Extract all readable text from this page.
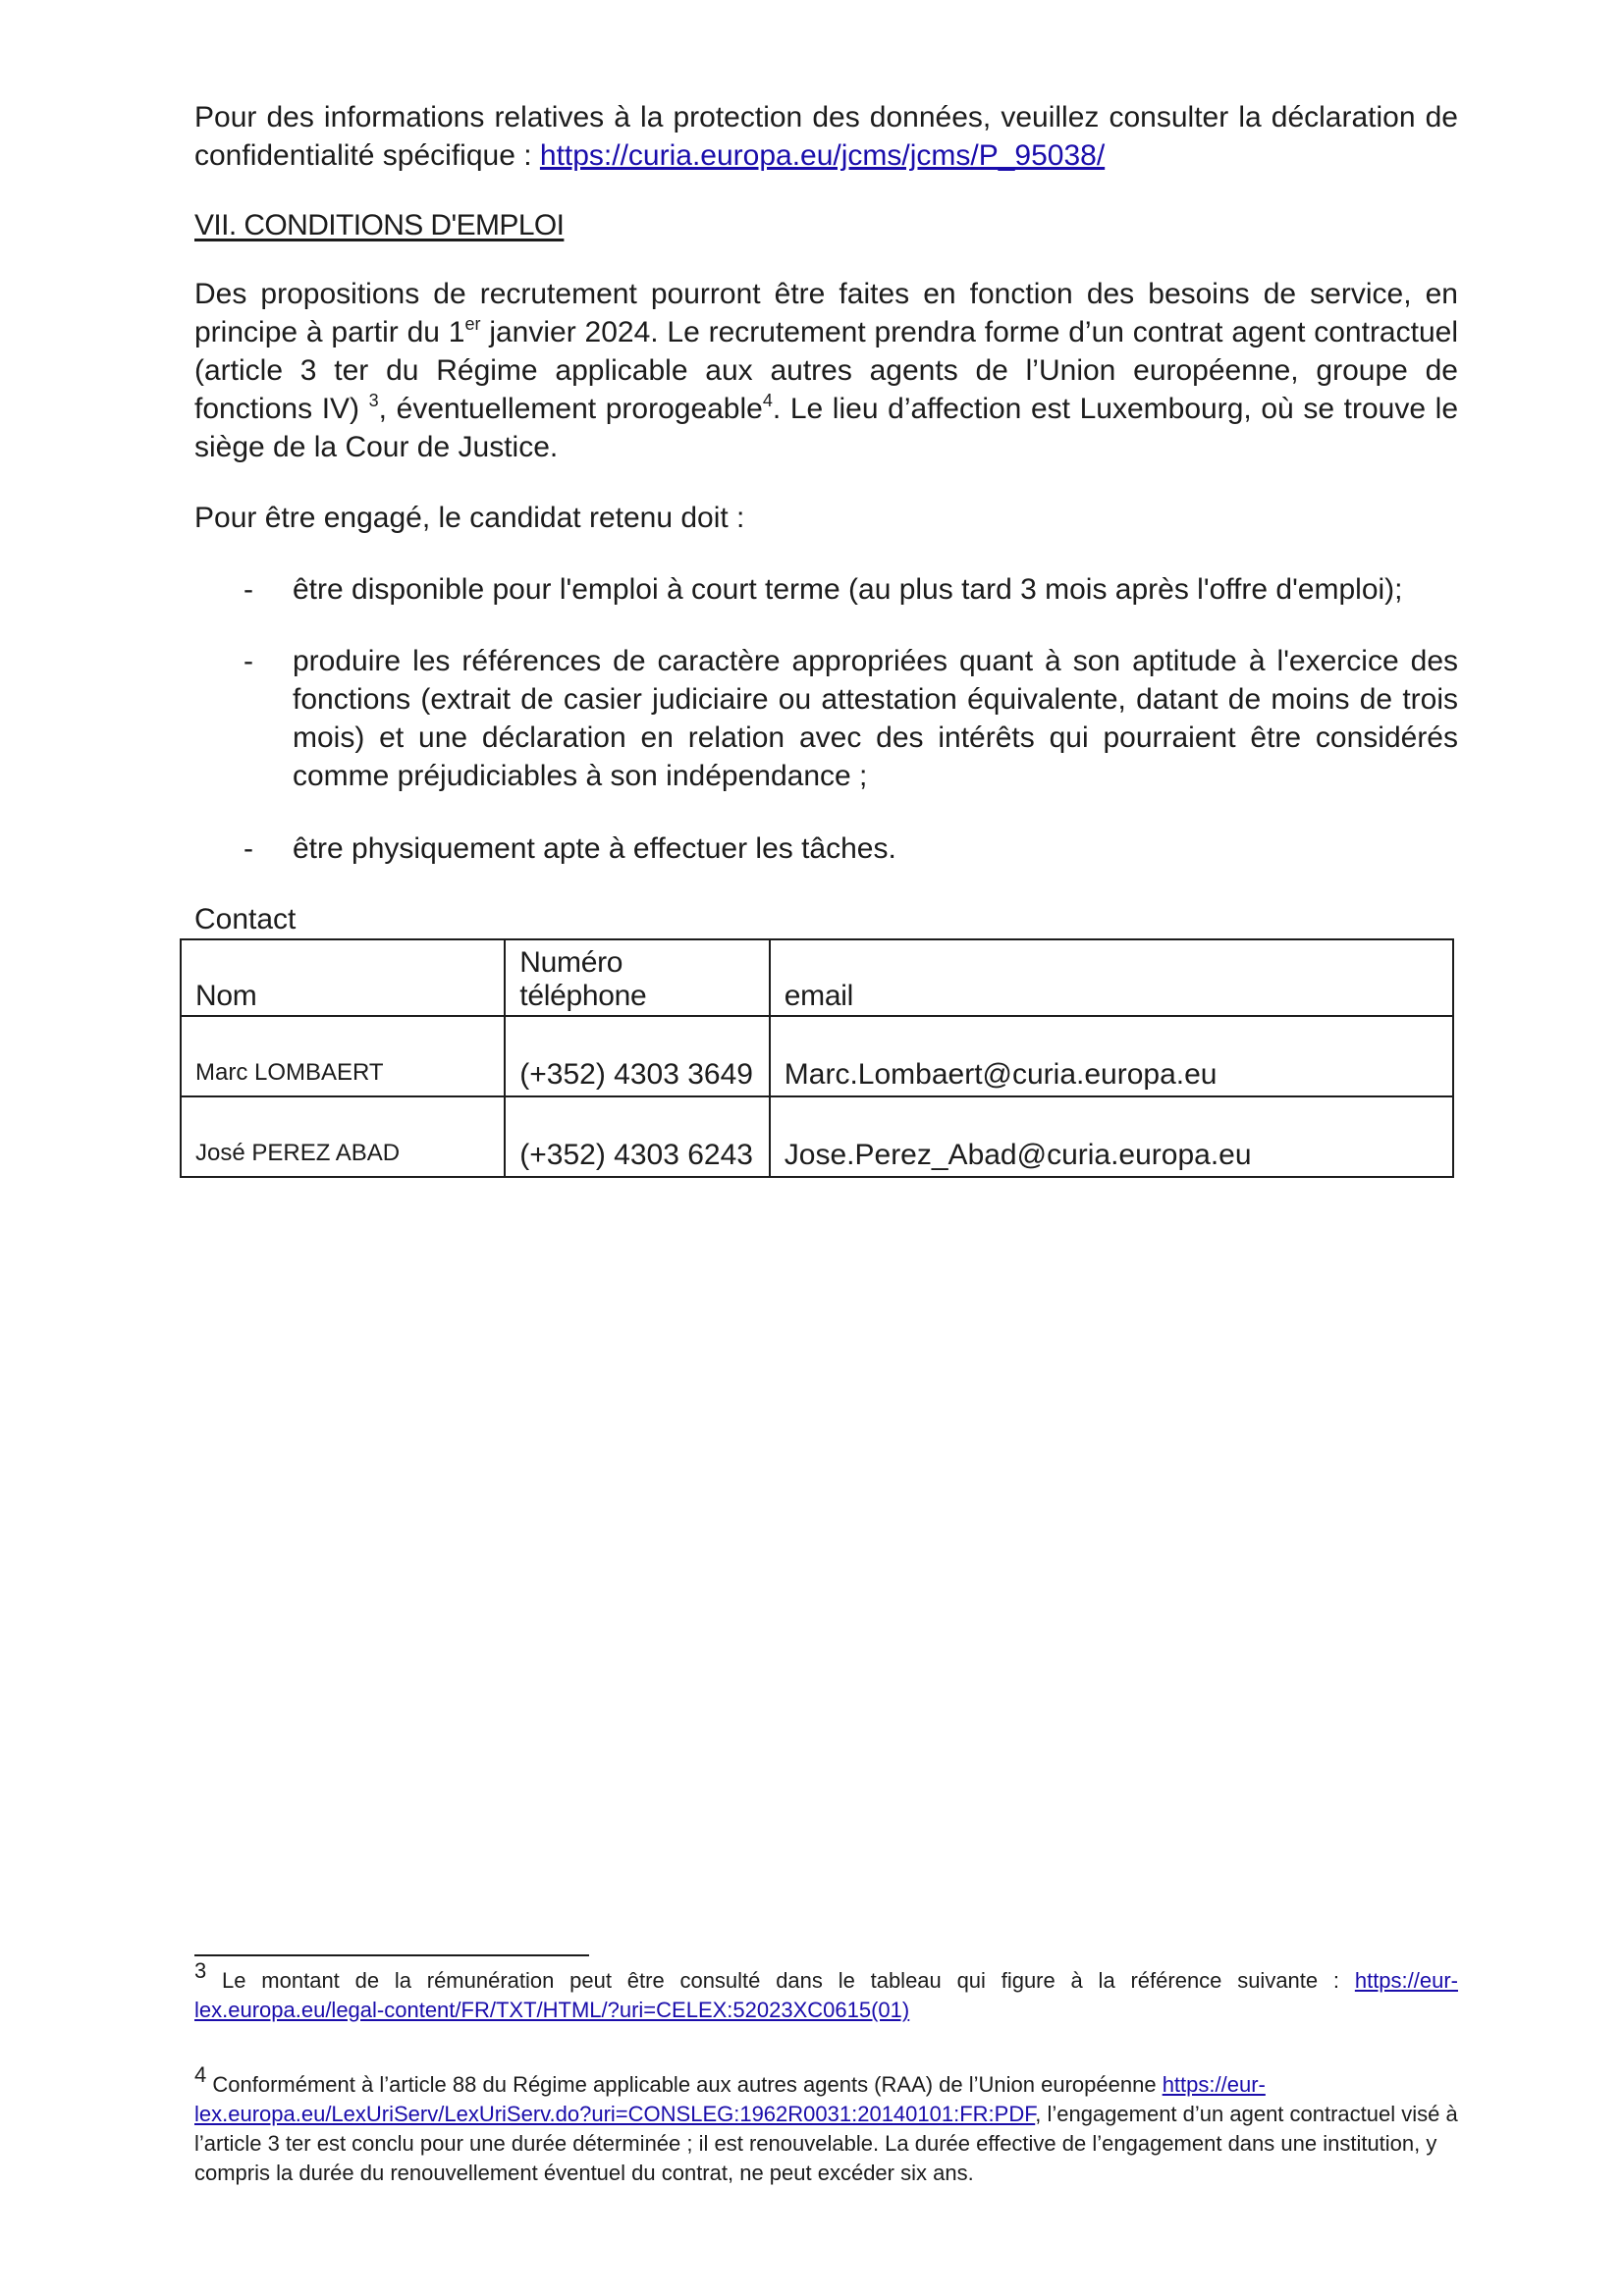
Pour des informations relatives à la protection des données, veuillez consulter la déclaration de confidentialité spécifique : https://curia.europa.eu/jcms/jcms/P_95038/

VII. CONDITIONS D'EMPLOI

Des propositions de recrutement pourront être faites en fonction des besoins de service, en principe à partir du 1er janvier 2024. Le recrutement prendra forme d’un contrat agent contractuel (article 3 ter du Régime applicable aux autres agents de l’Union européenne, groupe de fonctions IV) $^3$, éventuellement prorogeable$^4$. Le lieu d’affection est Luxembourg, où se trouve le siège de la Cour de Justice.

Pour être engagé, le candidat retenu doit :
-	être disponible pour l'emploi à court terme (au plus tard 3 mois après l'offre d'emploi);
-	produire les références de caractère appropriées quant à son aptitude à l'exercice des fonctions (extrait de casier judiciaire ou attestation équivalente, datant de moins de trois mois) et une déclaration en relation avec des intérêts qui pourraient être considérés comme préjudiciables à son indépendance ;
-	être physiquement apte à effectuer les tâches.
Contact
Nom	Numéro téléphone	email
Marc LOMBAERT	(+352) 4303 3649	Marc.Lombaert@curia.europa.eu
José PEREZ ABAD	(+352) 4303 6243	Jose.Perez_Abad@curia.europa.eu

3 Le montant de la rémunération peut être consulté dans le tableau qui figure à la référence suivante : https://eur-lex.europa.eu/legal-content/FR/TXT/HTML/?uri=CELEX:52023XC0615(01)

4 Conformément à l’article 88 du Régime applicable aux autres agents (RAA) de l’Union européenne https://eur-lex.europa.eu/LexUriServ/LexUriServ.do?uri=CONSLEG:1962R0031:20140101:FR:PDF, l’engagement d’un agent contractuel visé à l’article 3 ter est conclu pour une durée déterminée ; il est renouvelable. La durée effective de l’engagement dans une institution, y compris la durée du renouvellement éventuel du contrat, ne peut excéder six ans.
